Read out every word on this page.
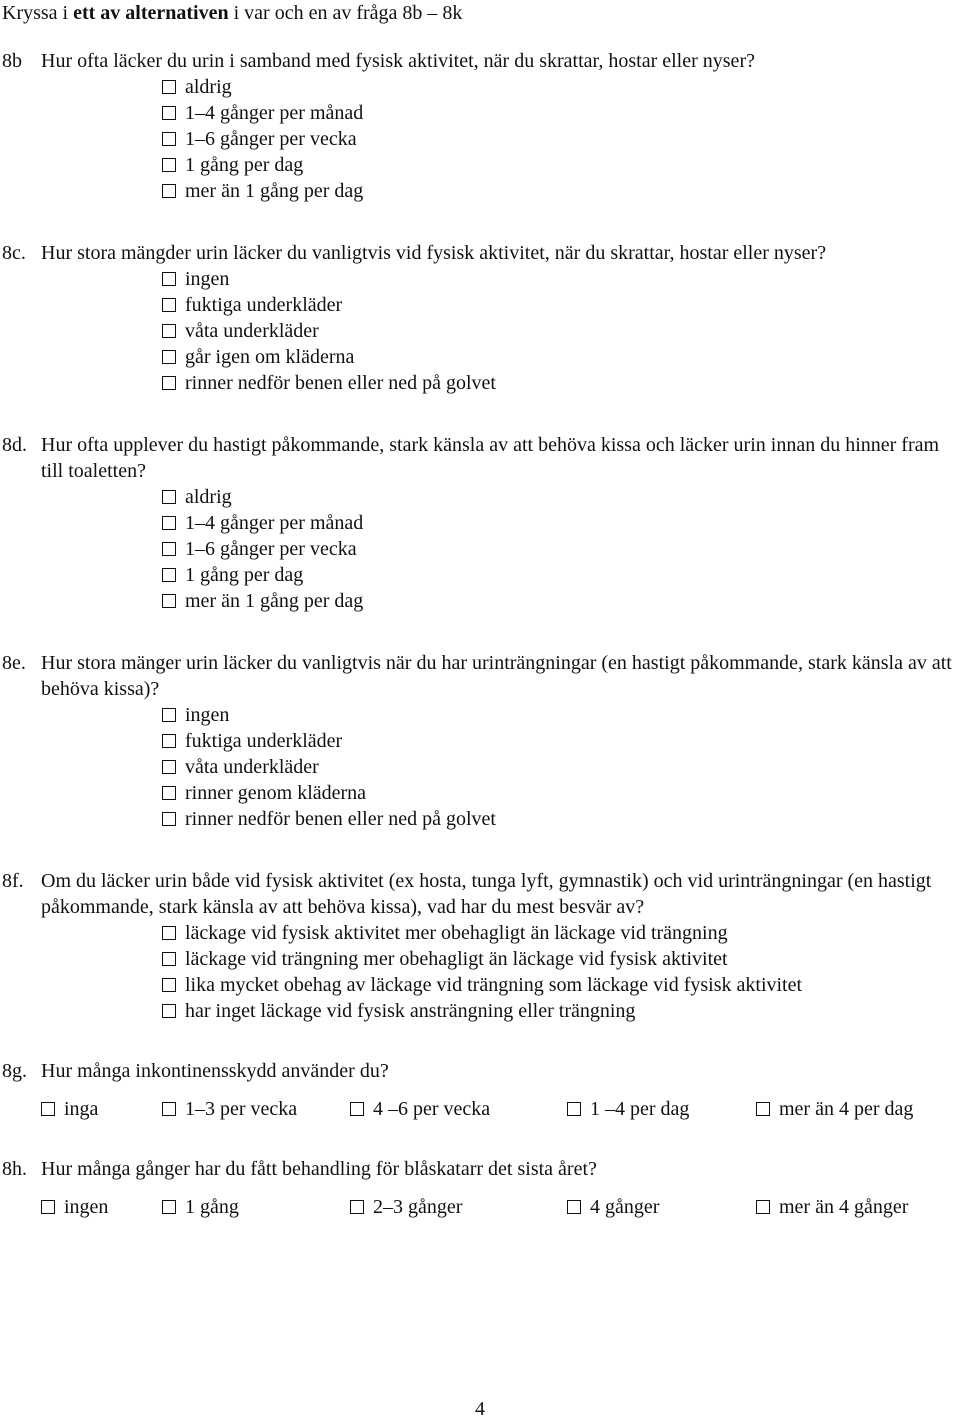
Kryssa i ett av alternativen i var och en av fråga 8b – 8k
8b Hur ofta läcker du urin i samband med fysisk aktivitet, när du skrattar, hostar eller nyser?
aldrig
1–4 gånger per månad
1–6 gånger per vecka
1 gång per dag
mer än 1 gång per dag
8c. Hur stora mängder urin läcker du vanligtvis vid fysisk aktivitet, när du skrattar, hostar eller nyser?
ingen
fuktiga underkläder
våta underkläder
går igen om kläderna
rinner nedför benen eller ned på golvet
8d. Hur ofta upplever du hastigt påkommande, stark känsla av att behöva kissa och läcker urin innan du hinner fram till toaletten?
aldrig
1–4 gånger per månad
1–6 gånger per vecka
1 gång per dag
mer än 1 gång per dag
8e. Hur stora mänger urin läcker du vanligtvis när du har urinträngningar (en hastigt påkommande, stark känsla av att behöva kissa)?
ingen
fuktiga underkläder
våta underkläder
rinner genom kläderna
rinner nedför benen eller ned på golvet
8f. Om du läcker urin både vid fysisk aktivitet (ex hosta, tunga lyft, gymnastik) och vid urinträngningar (en hastigt påkommande, stark känsla av att behöva kissa), vad har du mest besvär av?
läckage vid fysisk aktivitet mer obehagligt än läckage vid trängning
läckage vid trängning mer obehagligt än läckage vid fysisk aktivitet
lika mycket obehag av läckage vid trängning som läckage vid fysisk aktivitet
har inget läckage vid fysisk ansträngning eller trängning
8g. Hur många inkontinensskydd använder du?
inga	1–3 per vecka	4 –6 per vecka	1 –4 per dag	mer än 4 per dag
8h. Hur många gånger har du fått behandling för blåskatarr det sista året?
ingen	1 gång	2–3 gånger	4 gånger	mer än 4 gånger
4
